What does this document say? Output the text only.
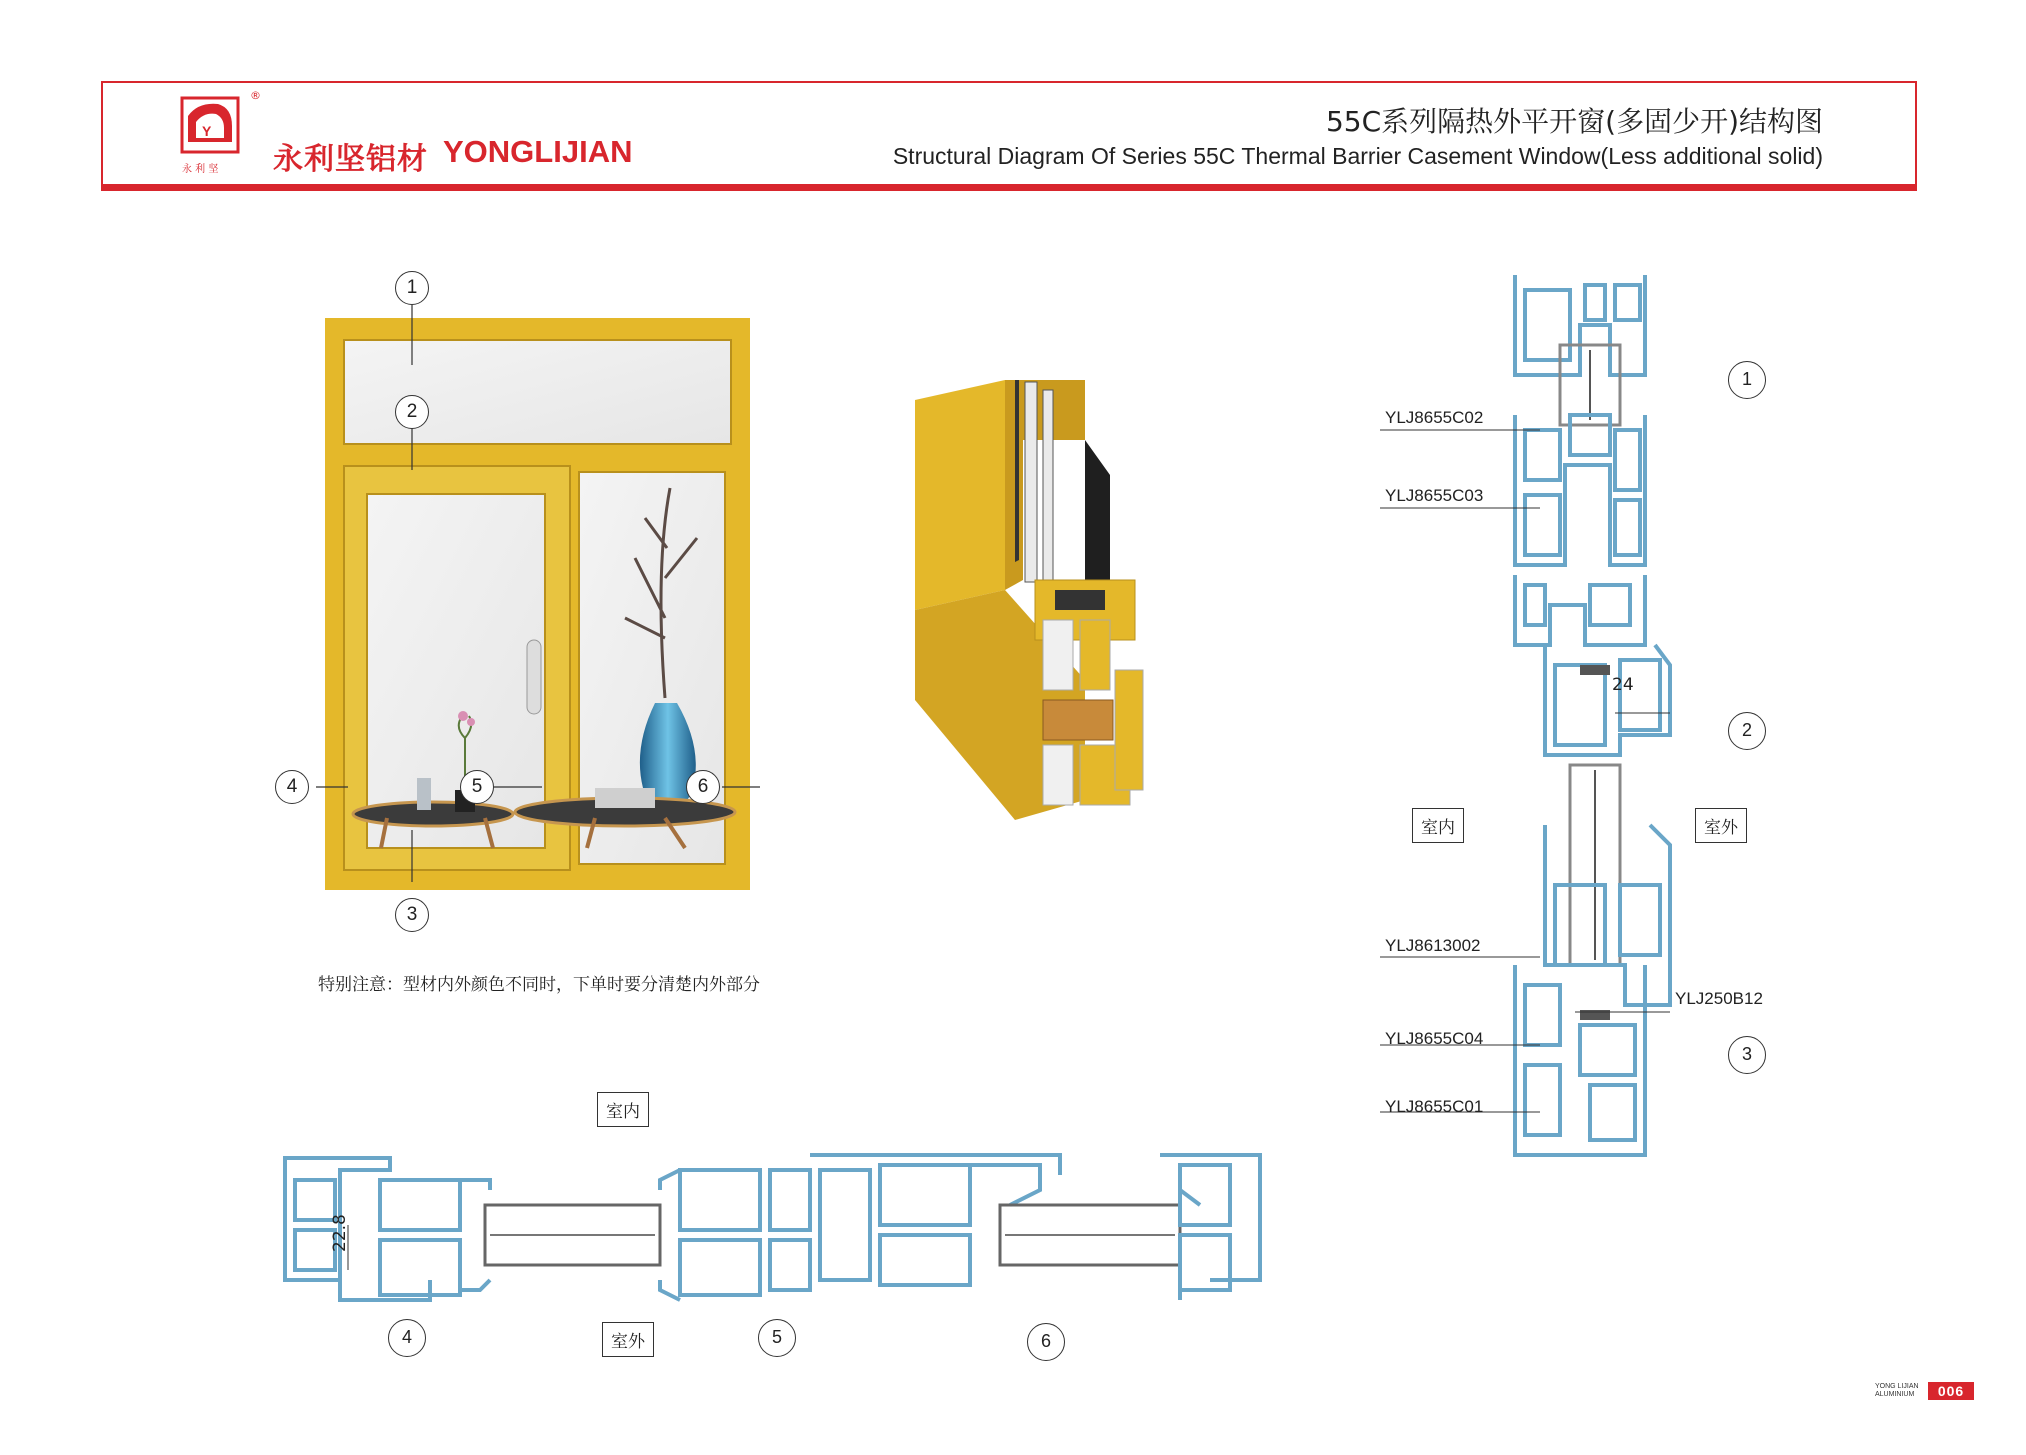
Y
永 利 坚
®
永利坚铝材 YONGLIJIAN
55C系列隔热外平开窗(多固少开)结构图
Structural Diagram Of Series 55C Thermal Barrier Casement Window(Less additional solid)
1
2
3
4	5	6
特别注意：型材内外颜色不同时，下单时要分清楚内外部分
24
YLJ8655C02
YLJ8655C03
YLJ8613002
YLJ250B12
YLJ8655C04
YLJ8655C01
1
2
3
室内	室外
22.8
室内
室外
4	5	6
YONG LIJIAN
ALUMINIUM	006
